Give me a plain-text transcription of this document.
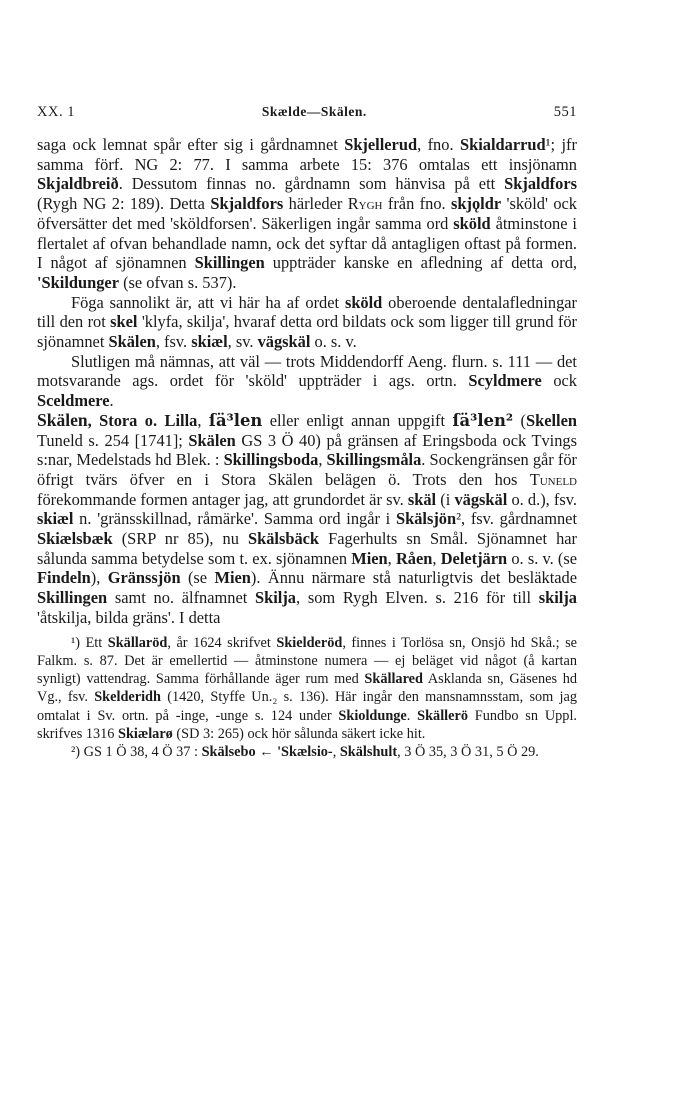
XX. 1	Skælde—Skälen.	551

saga ock lemnat spår efter sig i gårdnamnet Skjellerud, fno. Skialdarrud¹; jfr samma förf. NG 2: 77. I samma arbete 15: 376 omtalas ett insjönamn Skjaldbreið. Dessutom finnas no. gårdnamn som hänvisa på ett Skjaldfors (Rygh NG 2: 189). Detta Skjaldfors härleder Rygh från fno. skjǫldr 'sköld' ock öfversätter det med 'sköldforsen'. Säkerligen ingår samma ord sköld åtminstone i flertalet af ofvan behandlade namn, ock det syftar då antagligen oftast på formen. I något af sjönamnen Skillingen uppträder kanske en afledning af detta ord, 'Skildunger (se ofvan s. 537).

Föga sannolikt är, att vi här ha af ordet sköld oberoende dentalafledningar till den rot skel 'klyfa, skilja', hvaraf detta ord bildats ock som ligger till grund för sjönamnet Skälen, fsv. skiæl, sv. vägskäl o. s. v.

Slutligen må nämnas, att väl — trots Middendorff Aeng. flurn. s. 111 — det motsvarande ags. ordet för 'sköld' uppträder i ags. ortn. Scyldmere ock Sceldmere.

Skälen, Stora o. Lilla, ſä³len eller enligt annan uppgift ſä³len² (Skellen Tuneld s. 254 [1741]; Skälen GS 3 Ö 40) på gränsen af Eringsboda ock Tvings s:nar, Medelstads hd Blek. : Skillingsboda, Skillingsmåla. Sockengränsen går för öfrigt tvärs öfver en i Stora Skälen belägen ö. Trots den hos Tuneld förekommande formen antager jag, att grundordet är sv. skäl (i vägskäl o. d.), fsv. skiæl n. 'gränsskillnad, råmärke'. Samma ord ingår i Skälsjön², fsv. gårdnamnet Skiælsbæk (SRP nr 85), nu Skälsbäck Fagerhults sn Smål. Sjönamnet har sålunda samma betydelse som t. ex. sjönamnen Mien, Råen, Deletjärn o. s. v. (se Findeln), Gränssjön (se Mien). Ännu närmare stå naturligtvis det besläktade Skillingen samt no. älfnamnet Skilja, som Rygh Elven. s. 216 för till skilja 'åtskilja, bilda gräns'. I detta

¹) Ett Skällaröd, år 1624 skrifvet Skielderöd, finnes i Torlösa sn, Onsjö hd Skå.; se Falkm. s. 87. Det är emellertid — åtminstone numera — ej beläget vid något (å kartan synligt) vattendrag. Samma förhållande äger rum med Skällared Asklanda sn, Gäsenes hd Vg., fsv. Skelderidh (1420, Styffe Un.₂ s. 136). Här ingår den mansnamnsstam, som jag omtalat i Sv. ortn. på -inge, -unge s. 124 under Skioldunge. Skällerö Fundbo sn Uppl. skrifves 1316 Skiælarø (SD 3: 265) ock hör sålunda säkert icke hit.

²) GS 1 Ö 38, 4 Ö 37 : Skälsebo ← 'Skælsio-, Skälshult, 3 Ö 35, 3 Ö 31, 5 Ö 29.
